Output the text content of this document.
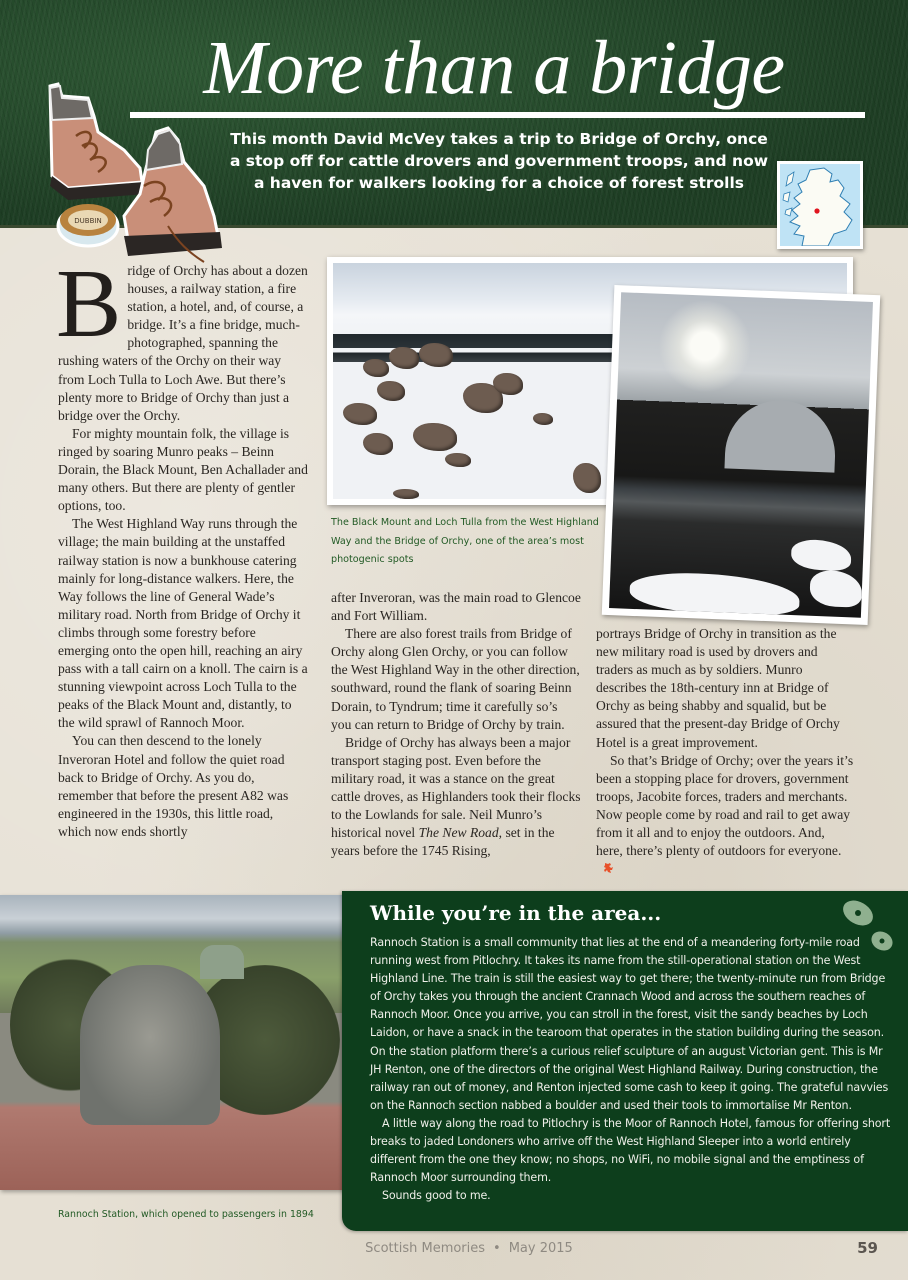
More than a bridge
This month David McVey takes a trip to Bridge of Orchy, once a stop off for cattle drovers and government troops, and now a haven for walkers looking for a choice of forest strolls
DUBBIN
The Black Mount and Loch Tulla from the West Highland Way and the Bridge of Orchy, one of the area’s most photogenic spots

B ridge of Orchy has about a dozen houses, a railway station, a fire station, a hotel, and, of course, a bridge. It’s a fine bridge, much-photographed, spanning the rushing waters of the Orchy on their way from Loch Tulla to Loch Awe. But there’s plenty more to Bridge of Orchy than just a bridge over the Orchy.

For mighty mountain folk, the village is ringed by soaring Munro peaks – Beinn Dorain, the Black Mount, Ben Achallader and many others. But there are plenty of gentler options, too.

The West Highland Way runs through the village; the main building at the unstaffed railway station is now a bunkhouse catering mainly for long-distance walkers. Here, the Way follows the line of General Wade’s military road. North from Bridge of Orchy it climbs through some forestry before emerging onto the open hill, reaching an airy pass with a tall cairn on a knoll. The cairn is a stunning viewpoint across Loch Tulla to the peaks of the Black Mount and, distantly, to the wild sprawl of Rannoch Moor.

You can then descend to the lonely Inveroran Hotel and follow the quiet road back to Bridge of Orchy. As you do, remember that before the present A82 was engineered in the 1930s, this little road, which now ends shortly

after Inveroran, was the main road to Glencoe and Fort William.

There are also forest trails from Bridge of Orchy along Glen Orchy, or you can follow the West Highland Way in the other direction, southward, round the flank of soaring Beinn Dorain, to Tyndrum; time it carefully so’s you can return to Bridge of Orchy by train.

Bridge of Orchy has always been a major transport staging post. Even before the military road, it was a stance on the great cattle droves, as Highlanders took their flocks to the Lowlands for sale. Neil Munro’s historical novel The New Road, set in the years before the 1745 Rising,

portrays Bridge of Orchy in transition as the new military road is used by drovers and traders as much as by soldiers. Munro describes the 18th-century inn at Bridge of Orchy as being shabby and squalid, but be assured that the present-day Bridge of Orchy Hotel is a great improvement.

So that’s Bridge of Orchy; over the years it’s been a stopping place for drovers, government troops, Jacobite forces, traders and merchants. Now people come by road and rail to get away from it all and to enjoy the outdoors. And, here, there’s plenty of outdoors for everyone.

Rannoch Station, which opened to passengers in 1894
While you’re in the area...

Rannoch Station is a small community that lies at the end of a meandering forty-mile road running west from Pitlochry. It takes its name from the still-operational station on the West Highland Line. The train is still the easiest way to get there; the twenty-minute run from Bridge of Orchy takes you through the ancient Crannach Wood and across the southern reaches of Rannoch Moor. Once you arrive, you can stroll in the forest, visit the sandy beaches by Loch Laidon, or have a snack in the tearoom that operates in the station building during the season. On the station platform there’s a curious relief sculpture of an august Victorian gent. This is Mr JH Renton, one of the directors of the original West Highland Railway. During construction, the railway ran out of money, and Renton injected some cash to keep it going. The grateful navvies on the Rannoch section nabbed a boulder and used their tools to immortalise Mr Renton.

A little way along the road to Pitlochry is the Moor of Rannoch Hotel, famous for offering short breaks to jaded Londoners who arrive off the West Highland Sleeper into a world entirely different from the one they know; no shops, no WiFi, no mobile signal and the emptiness of Rannoch Moor surrounding them.

Sounds good to me.

Scottish Memories • May 2015	59
